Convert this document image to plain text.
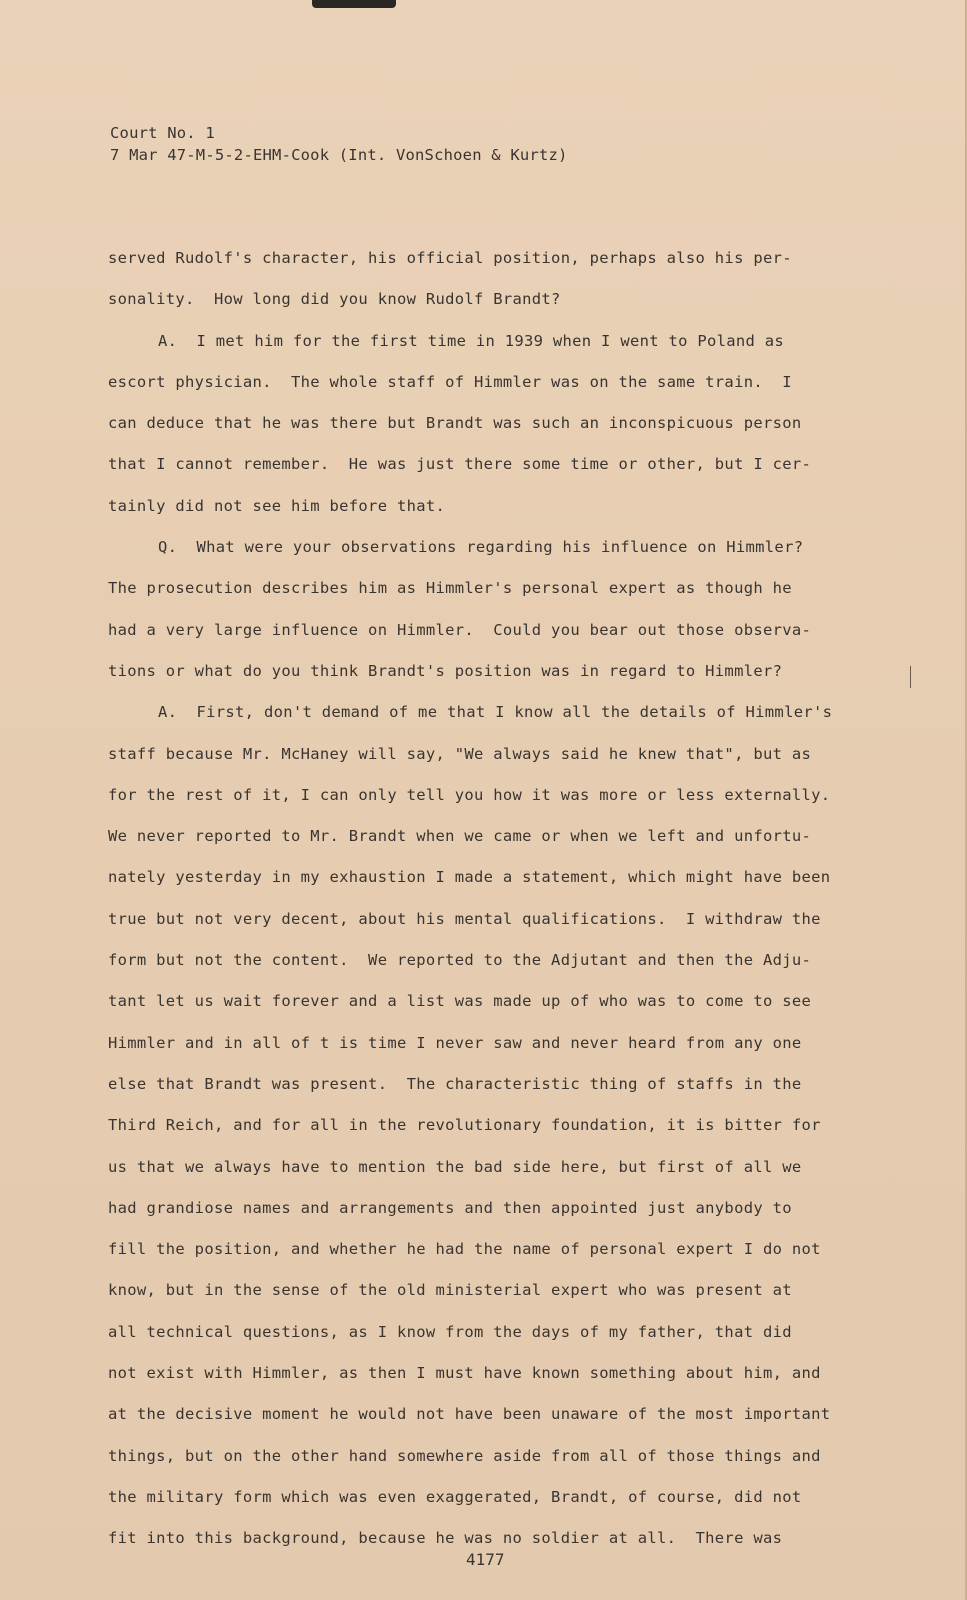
Court No. 1
7 Mar 47-M-5-2-EHM-Cook (Int. VonSchoen & Kurtz)
served Rudolf's character, his official position, perhaps also his per-
sonality.  How long did you know Rudolf Brandt?
A.  I met him for the first time in 1939 when I went to Poland as
escort physician.  The whole staff of Himmler was on the same train.  I
can deduce that he was there but Brandt was such an inconspicuous person
that I cannot remember.  He was just there some time or other, but I cer-
tainly did not see him before that.
Q.  What were your observations regarding his influence on Himmler?
The prosecution describes him as Himmler's personal expert as though he
had a very large influence on Himmler.  Could you bear out those observa-
tions or what do you think Brandt's position was in regard to Himmler?
A.  First, don't demand of me that I know all the details of Himmler's
staff because Mr. McHaney will say, "We always said he knew that", but as
for the rest of it, I can only tell you how it was more or less externally.
We never reported to Mr. Brandt when we came or when we left and unfortu-
nately yesterday in my exhaustion I made a statement, which might have been
true but not very decent, about his mental qualifications.  I withdraw the
form but not the content.  We reported to the Adjutant and then the Adju-
tant let us wait forever and a list was made up of who was to come to see
Himmler and in all of t is time I never saw and never heard from any one
else that Brandt was present.  The characteristic thing of staffs in the
Third Reich, and for all in the revolutionary foundation, it is bitter for
us that we always have to mention the bad side here, but first of all we
had grandiose names and arrangements and then appointed just anybody to
fill the position, and whether he had the name of personal expert I do not
know, but in the sense of the old ministerial expert who was present at
all technical questions, as I know from the days of my father, that did
not exist with Himmler, as then I must have known something about him, and
at the decisive moment he would not have been unaware of the most important
things, but on the other hand somewhere aside from all of those things and
the military form which was even exaggerated, Brandt, of course, did not
fit into this background, because he was no soldier at all.  There was
4177
